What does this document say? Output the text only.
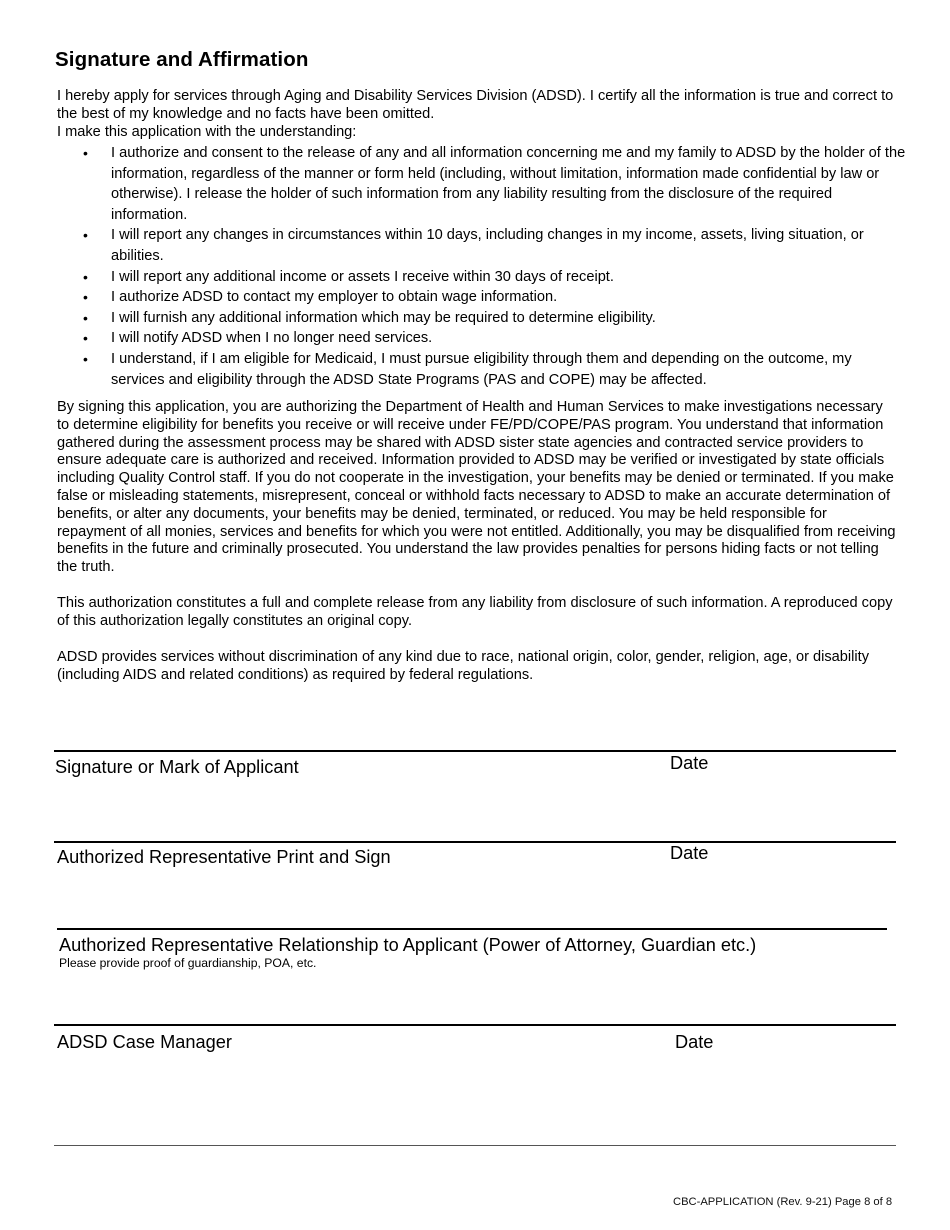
Signature and Affirmation
I hereby apply for services through Aging and Disability Services Division (ADSD). I certify all the information is true and correct to the best of my knowledge and no facts have been omitted.
I make this application with the understanding:
• I authorize and consent to the release of any and all information concerning me and my family to ADSD by the holder of the information, regardless of the manner or form held (including, without limitation, information made confidential by law or otherwise). I release the holder of such information from any liability resulting from the disclosure of the required information.
• I will report any changes in circumstances within 10 days, including changes in my income, assets, living situation, or abilities.
• I will report any additional income or assets I receive within 30 days of receipt.
• I authorize ADSD to contact my employer to obtain wage information.
• I will furnish any additional information which may be required to determine eligibility.
• I will notify ADSD when I no longer need services.
• I understand, if I am eligible for Medicaid, I must pursue eligibility through them and depending on the outcome, my services and eligibility through the ADSD State Programs (PAS and COPE) may be affected.

By signing this application, you are authorizing the Department of Health and Human Services to make investigations necessary to determine eligibility for benefits you receive or will receive under FE/PD/COPE/PAS program. You understand that information gathered during the assessment process may be shared with ADSD sister state agencies and contracted service providers to ensure adequate care is authorized and received. Information provided to ADSD may be verified or investigated by state officials including Quality Control staff. If you do not cooperate in the investigation, your benefits may be denied or terminated. If you make false or misleading statements, misrepresent, conceal or withhold facts necessary to ADSD to make an accurate determination of benefits, or alter any documents, your benefits may be denied, terminated, or reduced. You may be held responsible for repayment of all monies, services and benefits for which you were not entitled. Additionally, you may be disqualified from receiving benefits in the future and criminally prosecuted. You understand the law provides penalties for persons hiding facts or not telling the truth.

This authorization constitutes a full and complete release from any liability from disclosure of such information. A reproduced copy of this authorization legally constitutes an original copy.

ADSD provides services without discrimination of any kind due to race, national origin, color, gender, religion, age, or disability (including AIDS and related conditions) as required by federal regulations.

Signature or Mark of Applicant	Date
Authorized Representative Print and Sign	Date
Authorized Representative Relationship to Applicant (Power of Attorney, Guardian etc.)
Please provide proof of guardianship, POA, etc.
ADSD Case Manager	Date
CBC-APPLICATION (Rev. 9-21) Page 8 of 8
